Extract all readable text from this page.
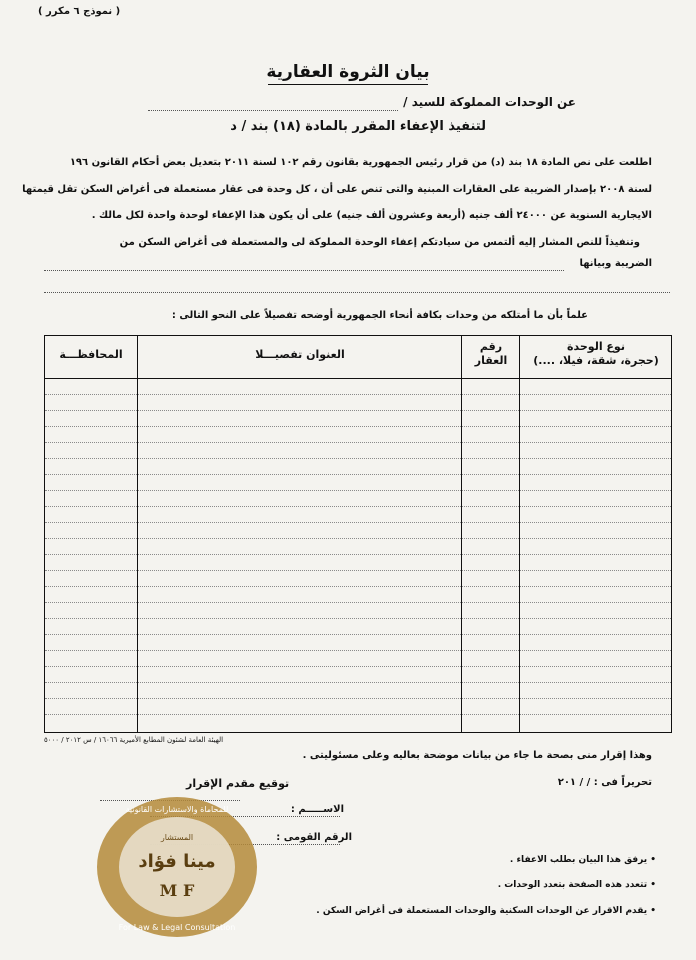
( نموذج ٦ مكرر )
بيان الثروة العقارية
عن الوحدات المملوكة للسيد /
لتنفيذ الإعفاء المقرر بالمادة (١٨) بند / د
اطلعت على نص المادة ١٨ بند (د) من قرار رئيس الجمهورية بقانون رقم ١٠٢ لسنة ٢٠١١ بتعديل بعض أحكام القانون ١٩٦
لسنة ٢٠٠٨ بإصدار الضريبة على العقارات المبنية والتى تنص على أن ، كل وحدة فى عقار مستعملة فى أغراض السكن تقل قيمتها
الايجارية السنوية عن ٢٤٠٠٠ ألف جنيه (أربعة وعشرون ألف جنيه) على أن يكون هذا الإعفاء لوحدة واحدة لكل مالك .
وتنفيذاً للنص المشار إليه ألتمس من سيادتكم إعفاء الوحدة المملوكة لى والمستعملة فى أغراض السكن من
الضريبة وبيانها
علماً بأن ما أمتلكه من وحدات بكافة أنحاء الجمهورية أوضحه تفصيلاً على النحو التالى :
نوع الوحدة
(حجرة، شقة، فيلا، ....)
رقم
العقار
العنوان تفصيـــلا
المحافظـــة
الهيئة العامة لشئون المطابع الأميرية ١٦٠٦٦ / س ٢٠١٢ / ٥٠٠٠
وهذا إقرار منى بصحة ما جاء من بيانات موضحة بعاليه وعلى مسئوليتى .
تحريراً فى : / / ٢٠١
توقيع مقدم الإقرار
الاســـــم :
الرقم القومى :
• يرفق هذا البيان بطلب الاعفاء .
• تتعدد هذه الصفحة بتعدد الوحدات .
• يقدم الاقرار عن الوحدات السكنية والوحدات المستعملة فى أغراض السكن .
للمحاماة والاستشارات القانونية
المستشار
مينا فؤاد
M F
For Law & Legal Consultation
